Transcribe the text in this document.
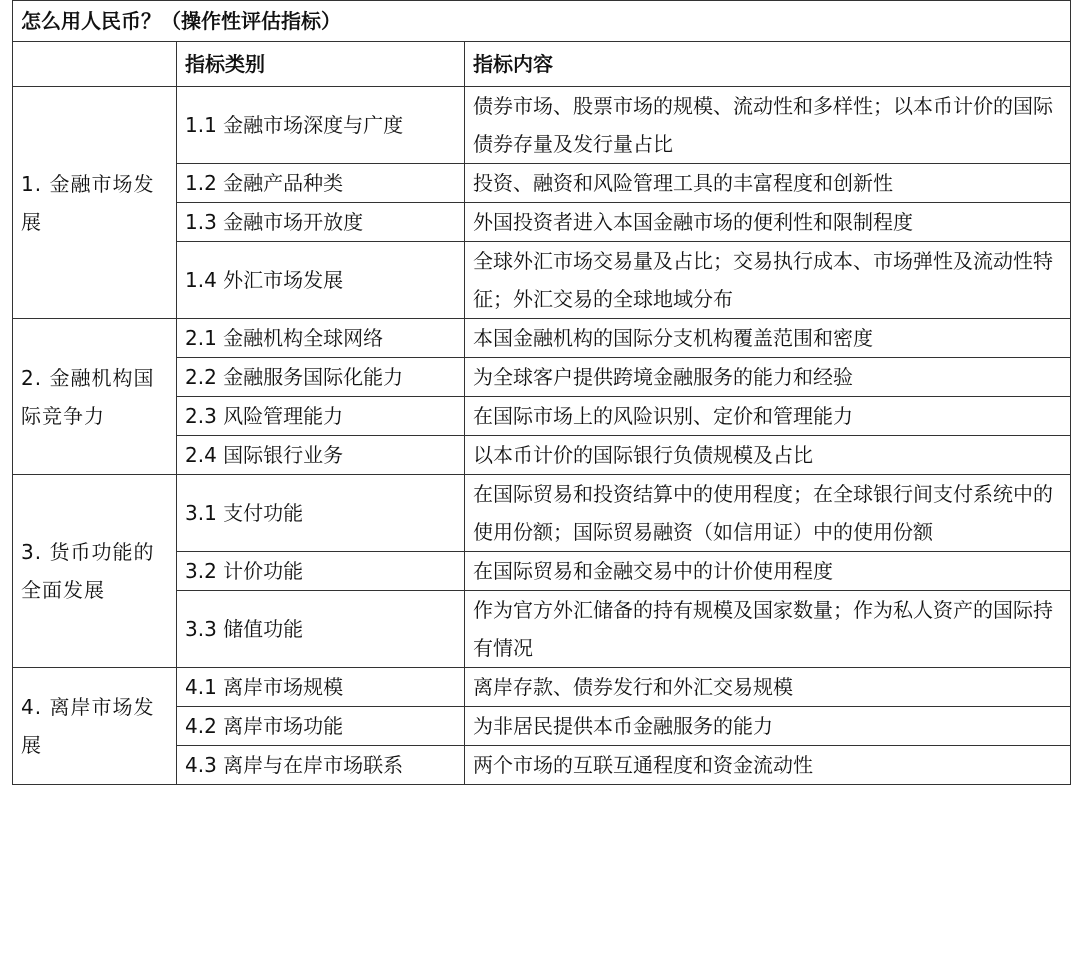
怎么用人民币？（操作性评估指标）		
	指标类别	指标内容
1. 金融市场发展	1.1 金融市场深度与广度	债券市场、股票市场的规模、流动性和多样性；以本币计价的国际债券存量及发行量占比
	1.2 金融产品种类	投资、融资和风险管理工具的丰富程度和创新性
	1.3 金融市场开放度	外国投资者进入本国金融市场的便利性和限制程度
	1.4 外汇市场发展	全球外汇市场交易量及占比；交易执行成本、市场弹性及流动性特征；外汇交易的全球地域分布
2. 金融机构国际竞争力	2.1 金融机构全球网络	本国金融机构的国际分支机构覆盖范围和密度
	2.2 金融服务国际化能力	为全球客户提供跨境金融服务的能力和经验
	2.3 风险管理能力	在国际市场上的风险识别、定价和管理能力
	2.4 国际银行业务	以本币计价的国际银行负债规模及占比
3. 货币功能的全面发展	3.1 支付功能	在国际贸易和投资结算中的使用程度；在全球银行间支付系统中的使用份额；国际贸易融资（如信用证）中的使用份额
	3.2 计价功能	在国际贸易和金融交易中的计价使用程度
	3.3 储值功能	作为官方外汇储备的持有规模及国家数量；作为私人资产的国际持有情况
4. 离岸市场发展	4.1 离岸市场规模	离岸存款、债券发行和外汇交易规模
	4.2 离岸市场功能	为非居民提供本币金融服务的能力
	4.3 离岸与在岸市场联系	两个市场的互联互通程度和资金流动性
